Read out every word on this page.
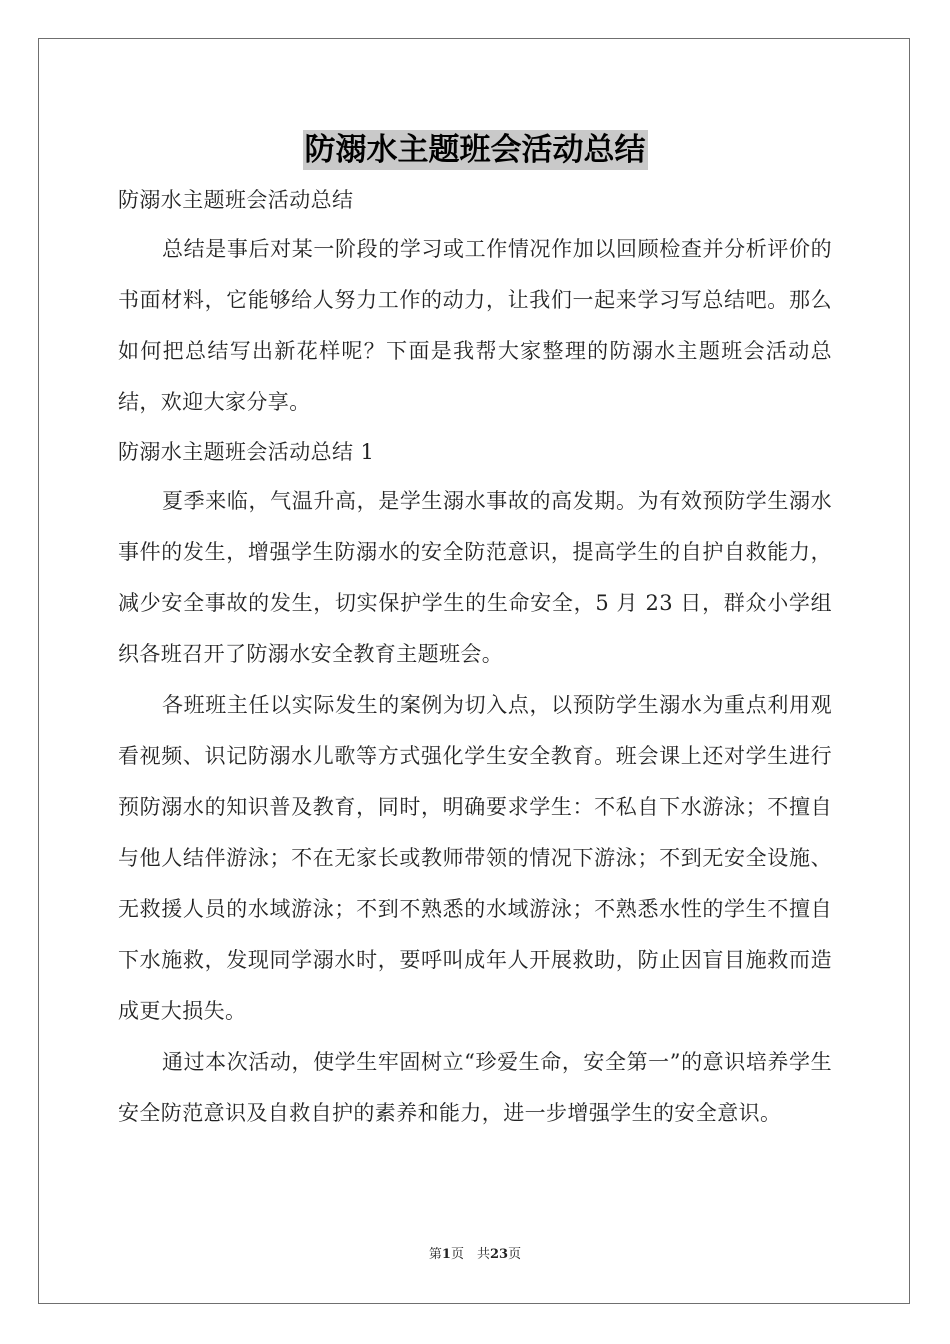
防溺水主题班会活动总结

防溺水主题班会活动总结

总结是事后对某一阶段的学习或工作情况作加以回顾检查并分析评价的书面材料，它能够给人努力工作的动力，让我们一起来学习写总结吧。那么如何把总结写出新花样呢？下面是我帮大家整理的防溺水主题班会活动总结，欢迎大家分享。

防溺水主题班会活动总结 1

夏季来临，气温升高，是学生溺水事故的高发期。为有效预防学生溺水事件的发生，增强学生防溺水的安全防范意识，提高学生的自护自救能力，减少安全事故的发生，切实保护学生的生命安全，5 月 23 日，群众小学组织各班召开了防溺水安全教育主题班会。

各班班主任以实际发生的案例为切入点，以预防学生溺水为重点利用观看视频、识记防溺水儿歌等方式强化学生安全教育。班会课上还对学生进行预防溺水的知识普及教育，同时，明确要求学生：不私自下水游泳；不擅自与他人结伴游泳；不在无家长或教师带领的情况下游泳；不到无安全设施、无救援人员的水域游泳；不到不熟悉的水域游泳；不熟悉水性的学生不擅自下水施救，发现同学溺水时，要呼叫成年人开展救助，防止因盲目施救而造成更大损失。

通过本次活动，使学生牢固树立“珍爱生命，安全第一”的意识培养学生安全防范意识及自救自护的素养和能力，进一步增强学生的安全意识。

第1页　共23页
